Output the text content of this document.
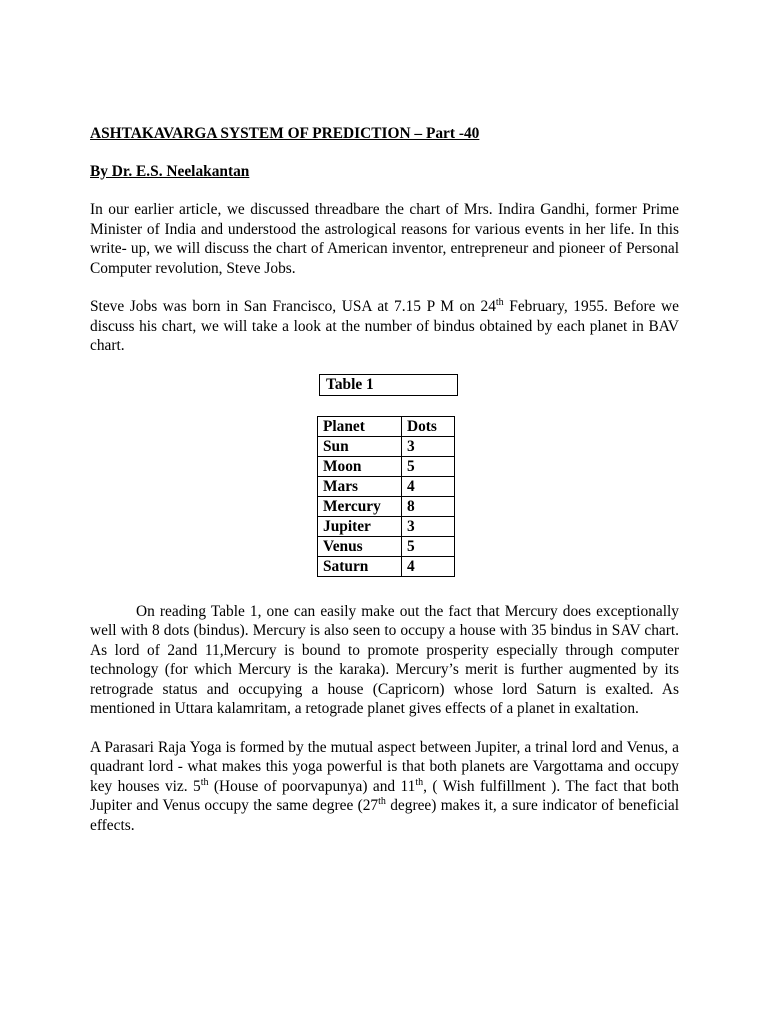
ASHTAKAVARGA SYSTEM OF PREDICTION – Part -40

By Dr. E.S. Neelakantan

In our earlier article, we discussed threadbare the chart of Mrs. Indira Gandhi, former Prime Minister of India and understood the astrological reasons for various events in her life. In this write- up, we will discuss the chart of American inventor, entrepreneur and pioneer of Personal Computer revolution, Steve Jobs.

Steve Jobs was born in San Francisco, USA at 7.15 P M on 24th February, 1955. Before we discuss his chart, we will take a look at the number of bindus obtained by each planet in BAV chart.

Table 1
Planet	Dots
Sun	3
Moon	5
Mars	4
Mercury	8
Jupiter	3
Venus	5
Saturn	4

On reading Table 1, one can easily make out the fact that Mercury does exceptionally well with 8 dots (bindus). Mercury is also seen to occupy a house with 35 bindus in SAV chart. As lord of 2and 11,Mercury is bound to promote prosperity especially through computer technology (for which Mercury is the karaka). Mercury’s merit is further augmented by its retrograde status and occupying a house (Capricorn) whose lord Saturn is exalted. As mentioned in Uttara kalamritam, a retograde planet gives effects of a planet in exaltation.

A Parasari Raja Yoga is formed by the mutual aspect between Jupiter, a trinal lord and Venus, a quadrant lord - what makes this yoga powerful is that both planets are Vargottama and occupy key houses viz. 5th (House of poorvapunya) and 11th, ( Wish fulfillment ). The fact that both Jupiter and Venus occupy the same degree (27th degree) makes it, a sure indicator of beneficial effects.
